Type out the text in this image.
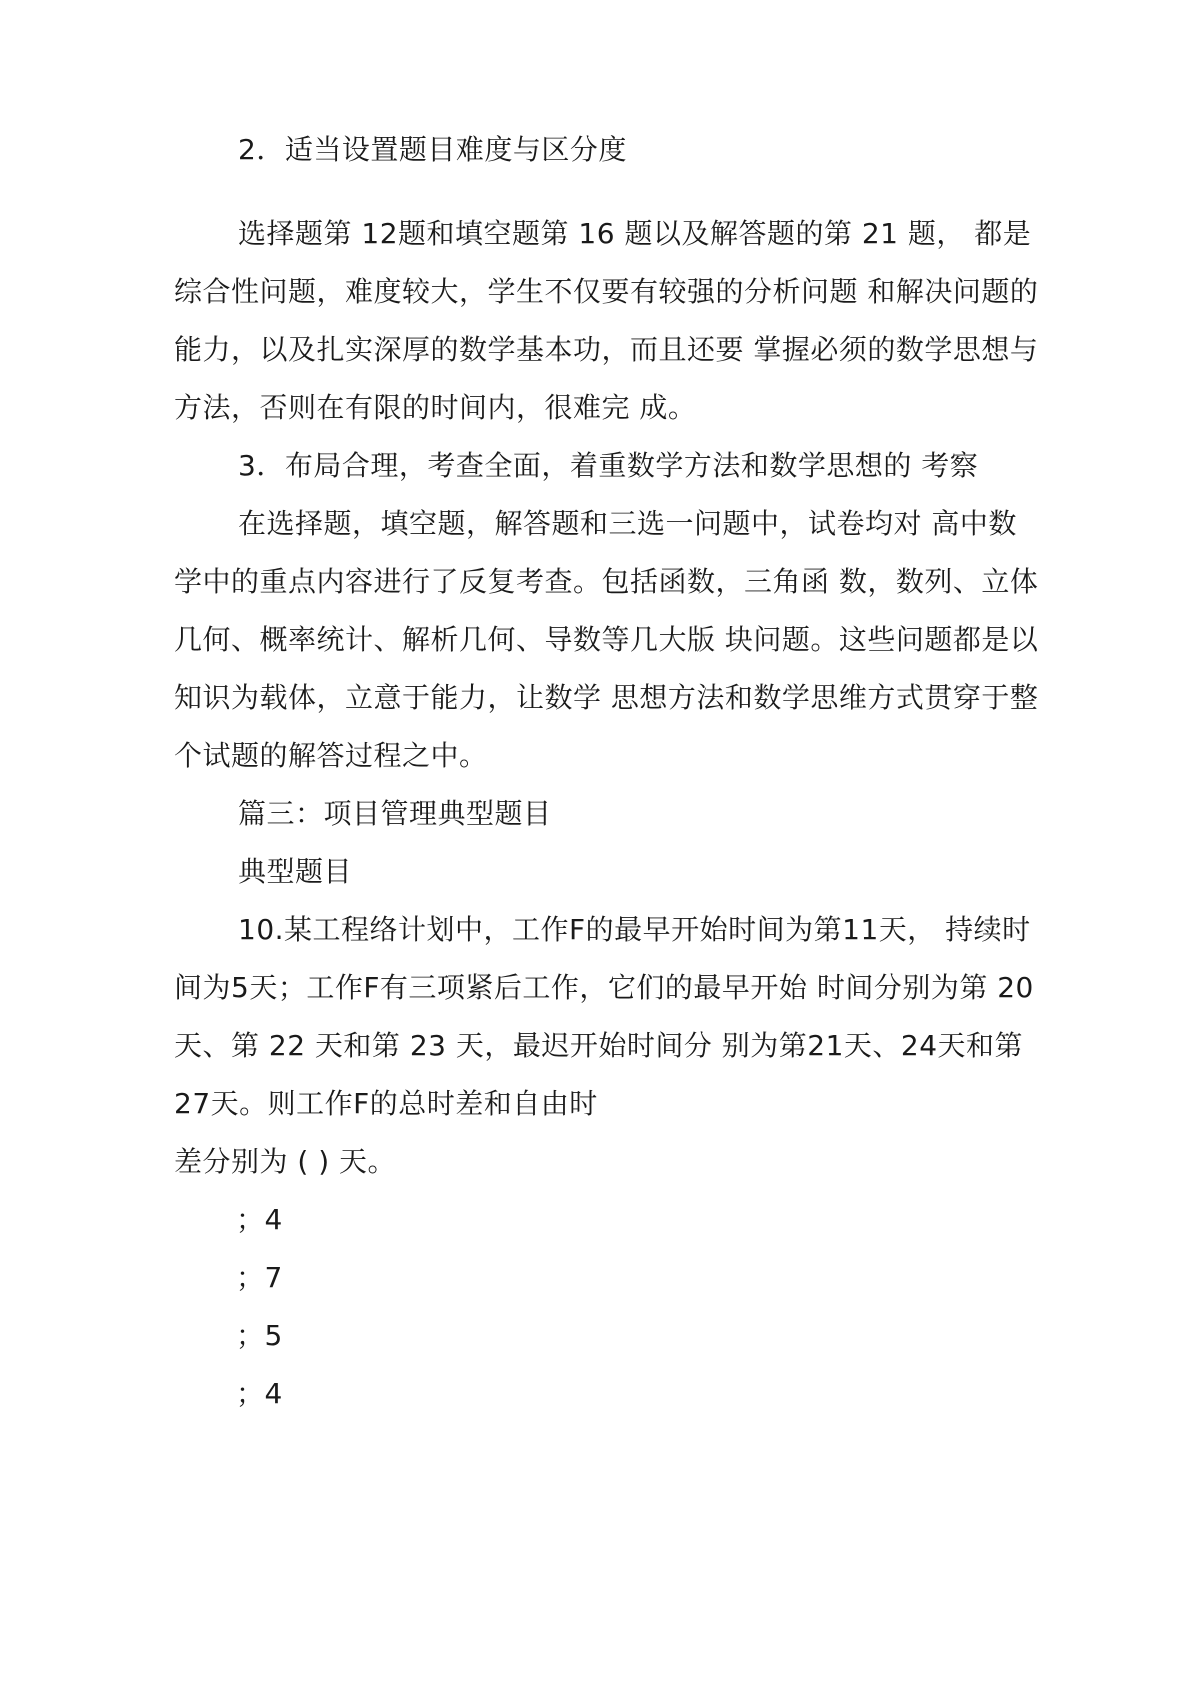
2．适当设置题目难度与区分度
选择题第 12题和填空题第 16 题以及解答题的第 21 题， 都是
综合性问题，难度较大，学生不仅要有较强的分析问题 和解决问题的
能力，以及扎实深厚的数学基本功，而且还要 掌握必须的数学思想与
方法，否则在有限的时间内，很难完 成。
3．布局合理，考查全面，着重数学方法和数学思想的 考察
在选择题，填空题，解答题和三选一问题中，试卷均对 高中数
学中的重点内容进行了反复考查。包括函数，三角函 数，数列、立体
几何、概率统计、解析几何、导数等几大版 块问题。这些问题都是以
知识为载体，立意于能力，让数学 思想方法和数学思维方式贯穿于整
个试题的解答过程之中。
篇三：项目管理典型题目
典型题目
10.某工程络计划中，工作F的最早开始时间为第11天， 持续时
间为5天；工作F有三项紧后工作，它们的最早开始 时间分别为第 20
天、第 22 天和第 23 天，最迟开始时间分 别为第21天、24天和第
27天。则工作F的总时差和自由时
差分别为 ( ) 天。
；4
；7
；5
；4
